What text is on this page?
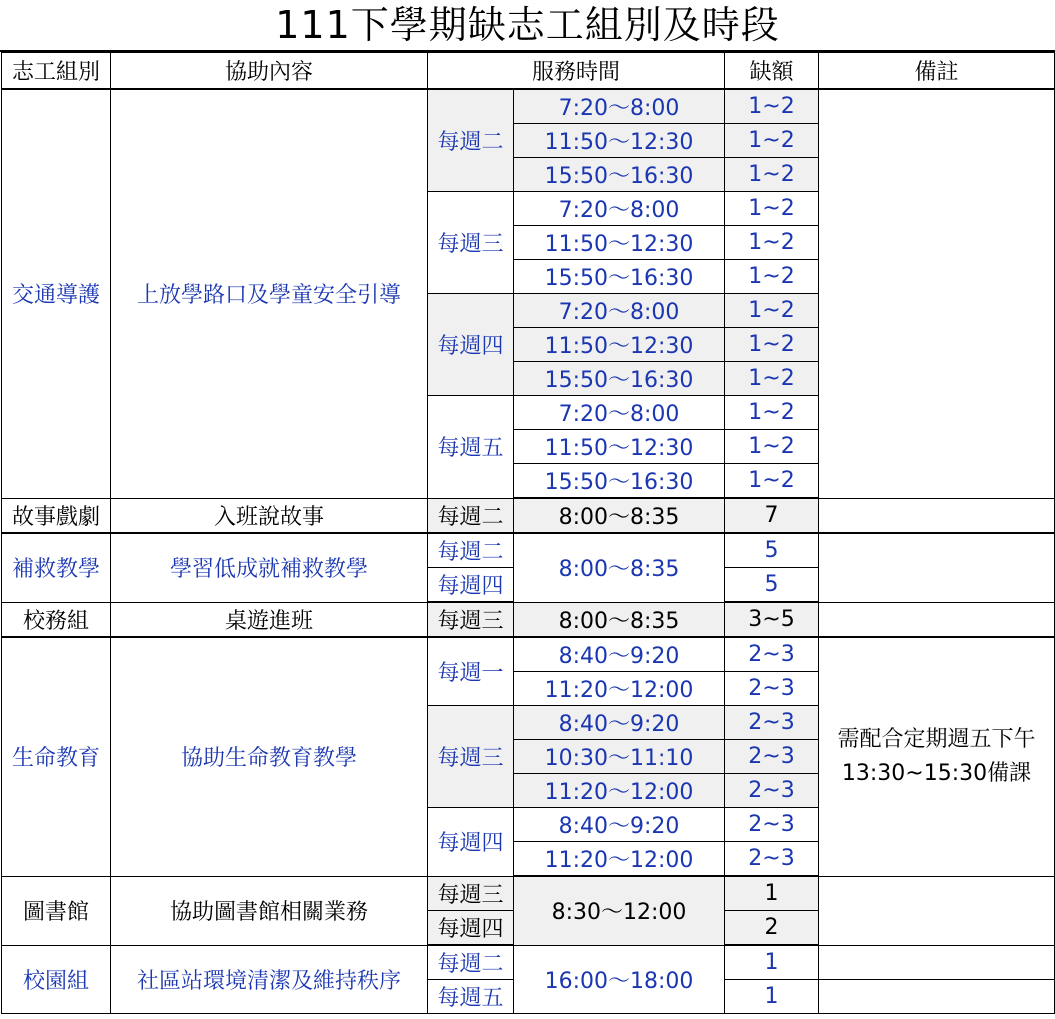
111下學期缺志工組別及時段
志工組別	協助內容	服務時間		缺額	備註
交通導護	上放學路口及學童安全引導	每週二	7:20～8:00	1~2	
			11:50～12:30	1~2	
			15:50～16:30	1~2	
		每週三	7:20～8:00	1~2	
			11:50～12:30	1~2	
			15:50～16:30	1~2	
		每週四	7:20～8:00	1~2	
			11:50～12:30	1~2	
			15:50～16:30	1~2	
		每週五	7:20～8:00	1~2	
			11:50～12:30	1~2	
			15:50～16:30	1~2	
故事戲劇	入班說故事	每週二	8:00～8:35	7	
補救教學	學習低成就補救教學	每週二	8:00～8:35	5	
		每週四		5	
校務組	桌遊進班	每週三	8:00～8:35	3~5	
生命教育	協助生命教育教學	每週一	8:40～9:20	2~3	需配合定期週五下午13:30~15:30備課
			11:20～12:00	2~3	
		每週三	8:40～9:20	2~3	
			10:30～11:10	2~3	
			11:20～12:00	2~3	
		每週四	8:40～9:20	2~3	
			11:20～12:00	2~3	
圖書館	協助圖書館相關業務	每週三	8:30～12:00	1	
		每週四		2	
校園組	社區站環境清潔及維持秩序	每週二	16:00～18:00	1	
		每週五		1	
